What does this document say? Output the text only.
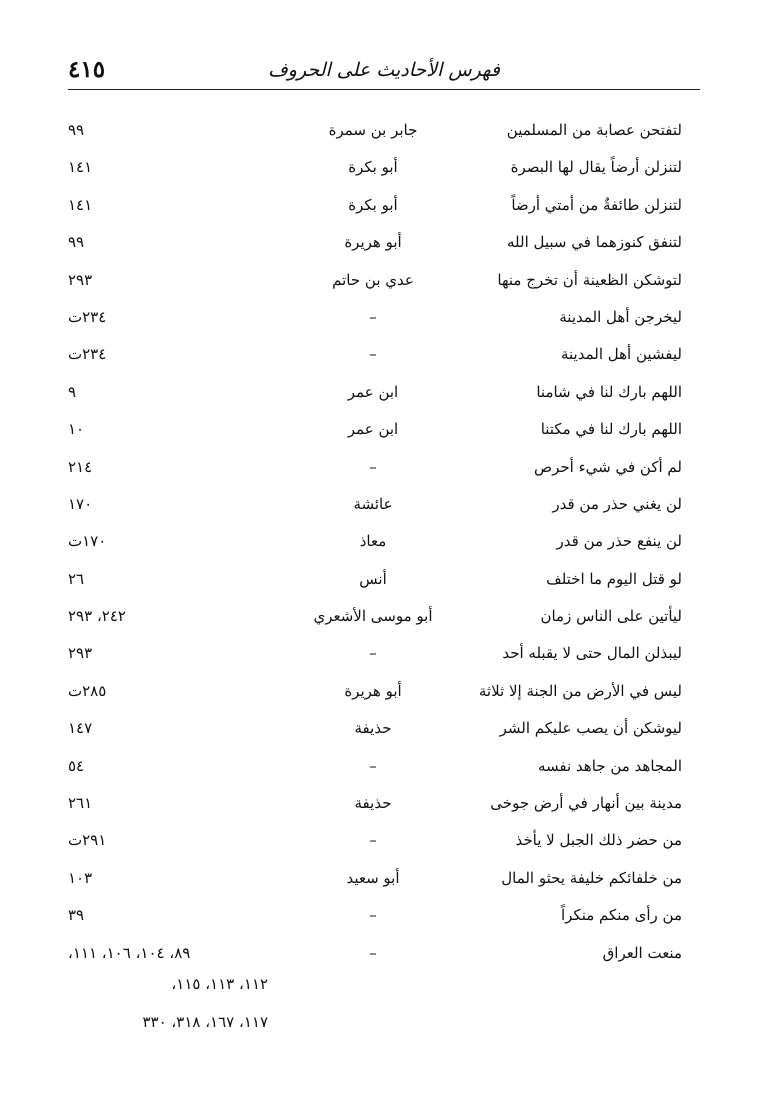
٤١٥	فهرس الأحاديث على الحروف
لتفتحن عصابة من المسلمين
جابر بن سمرة
٩٩
لتنزلن أرضاً يقال لها البصرة
أبو بكرة
١٤١
لتنزلن طائفةٌ من أمتي أرضاً
أبو بكرة
١٤١
لتنفق كنوزهما في سبيل الله
أبو هريرة
٩٩
لتوشكن الظعينة أن تخرج منها
عدي بن حاتم
٢٩٣
ليخرجن أهل المدينة
–
٢٣٤ت
ليفشين أهل المدينة
–
٢٣٤ت
اللهم بارك لنا في شامنا
ابن عمر
٩
اللهم بارك لنا في مكتنا
ابن عمر
١٠
لم أكن في شيء أحرص
–
٢١٤
لن يغني حذر من قدر
عائشة
١٧٠
لن ينفع حذر من قدر
معاذ
١٧٠ت
لو قتل اليوم ما اختلف
أنس
٢٦
ليأتين على الناس زمان
أبو موسى الأشعري
٢٤٢، ٢٩٣
ليبذلن المال حتى لا يقبله أحد
–
٢٩٣
ليس في الأرض من الجنة إلا ثلاثة
أبو هريرة
٢٨٥ت
ليوشكن أن يصب عليكم الشر
حذيفة
١٤٧
المجاهد من جاهد نفسه
–
٥٤
مدينة بين أنهار في أرض جوخى
حذيفة
٢٦١
من حضر ذلك الجبل لا يأخذ
–
٢٩١ت
من خلفائكم خليفة يحثو المال
أبو سعيد
١٠٣
من رأى منكم منكراً
–
٣٩
منعت العراق
–
٨٩، ١٠٤، ١٠٦، ١١١،
١١٢، ١١٣، ١١٥،
١١٧، ١٦٧، ٣١٨، ٣٣٠
